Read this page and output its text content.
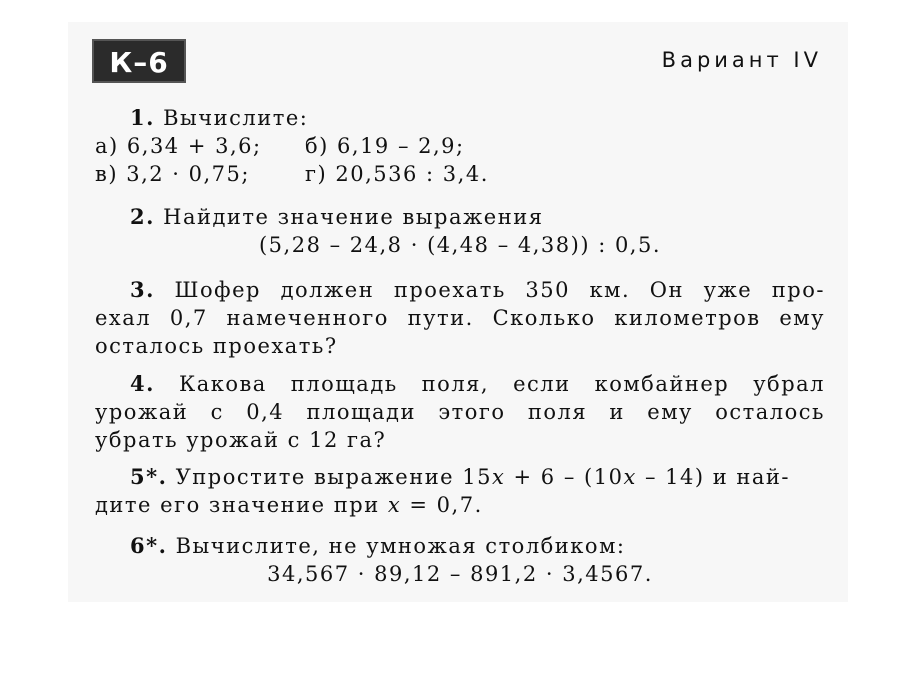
К–6	Вариант IV
1. Вычислите:
а) 6,34 + 3,6;	б) 6,19 – 2,9;
в) 3,2 · 0,75;	г) 20,536 : 3,4.
2. Найдите значение выражения
(5,28 – 24,8 · (4,48 – 4,38)) : 0,5.
3. Шофер должен проехать 350 км. Он уже про-
ехал 0,7 намеченного пути. Сколько километров ему
осталось проехать?
4. Какова площадь поля, если комбайнер убрал
урожай с 0,4 площади этого поля и ему осталось
убрать урожай с 12 га?
5*. Упростите выражение 15x + 6 – (10x – 14) и най-
дите его значение при x = 0,7.
6*. Вычислите, не умножая столбиком:
34,567 · 89,12 – 891,2 · 3,4567.
